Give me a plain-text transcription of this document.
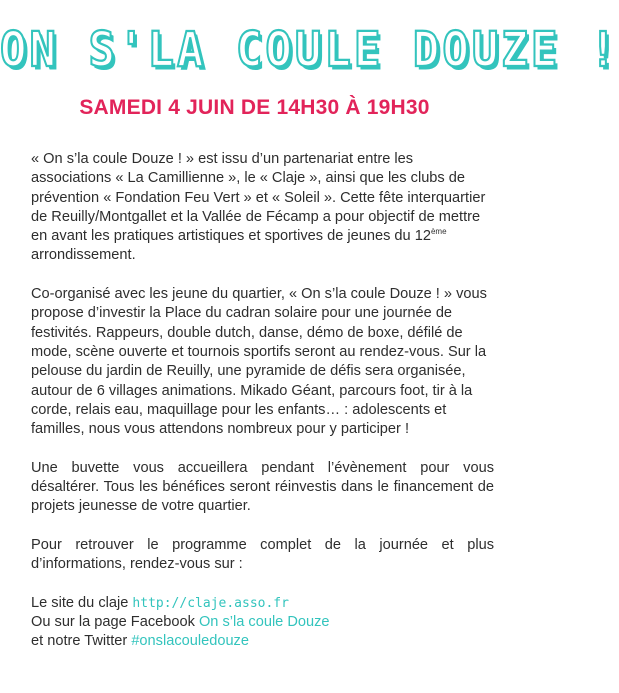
ON S'LA COULE DOUZE !
SAMEDI 4 JUIN DE 14H30 À 19H30

« On s’la coule Douze ! » est issu d’un partenariat entre les associations « La Camillienne », le « Claje », ainsi que les clubs de prévention « Fondation Feu Vert » et « Soleil ». Cette fête interquartier de Reuilly/Montgallet et la Vallée de Fécamp a pour objectif de mettre en avant les pratiques artistiques et sportives de jeunes du 12ème arrondissement.

Co-organisé avec les jeune du quartier, « On s’la coule Douze ! » vous propose d’investir la Place du cadran solaire pour une journée de festivités. Rappeurs, double dutch, danse, démo de boxe, défilé de mode, scène ouverte et tournois sportifs seront au rendez-vous. Sur la pelouse du jardin de Reuilly, une pyramide de défis sera organisée, autour de 6 villages animations. Mikado Géant, parcours foot, tir à la corde, relais eau, maquillage pour les enfants… : adolescents et familles, nous vous attendons nombreux pour y participer !

Une buvette vous accueillera pendant l’évènement pour vous désaltérer. Tous les bénéfices seront réinvestis dans le financement de projets jeunesse de votre quartier.

Pour retrouver le programme complet de la journée et plus d’informations, rendez-vous sur :

Le site du claje http://claje.asso.fr
Ou sur la page Facebook On s’la coule Douze
et notre Twitter #onslacouledouze
